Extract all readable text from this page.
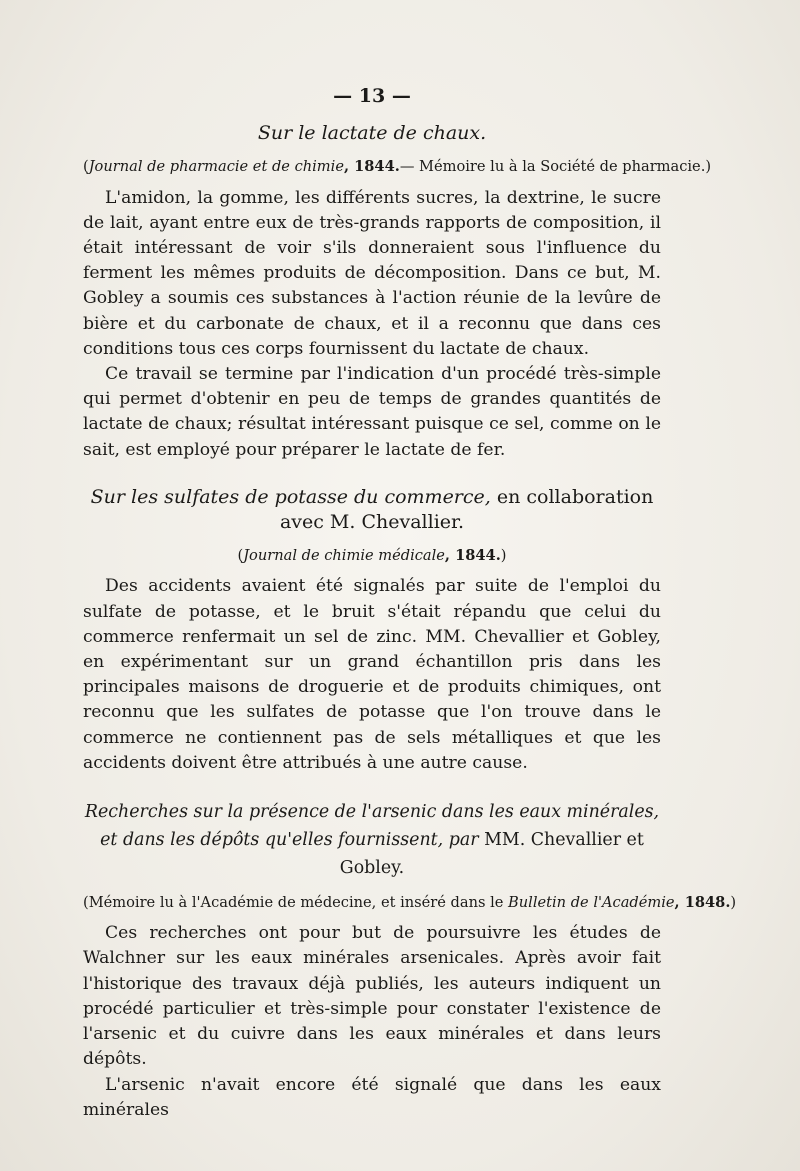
— 13 —
Sur le lactate de chaux.
(Journal de pharmacie et de chimie, 1844.— Mémoire lu à la Société de pharmacie.)

L'amidon, la gomme, les différents sucres, la dextrine, le sucre de lait, ayant entre eux de très-grands rapports de composition, il était intéressant de voir s'ils donneraient sous l'influence du ferment les mêmes produits de décomposition. Dans ce but, M. Gobley a soumis ces substances à l'action réunie de la levûre de bière et du carbonate de chaux, et il a reconnu que dans ces conditions tous ces corps fournissent du lactate de chaux.

Ce travail se termine par l'indication d'un procédé très-simple qui permet d'obtenir en peu de temps de grandes quantités de lactate de chaux; résultat intéressant puisque ce sel, comme on le sait, est employé pour préparer le lactate de fer.

Sur les sulfates de potasse du commerce, en collaboration avec M. Chevallier.
(Journal de chimie médicale, 1844.)

Des accidents avaient été signalés par suite de l'emploi du sulfate de potasse, et le bruit s'était répandu que celui du commerce renfermait un sel de zinc. MM. Chevallier et Gobley, en expérimentant sur un grand échantillon pris dans les principales maisons de droguerie et de produits chimiques, ont reconnu que les sulfates de potasse que l'on trouve dans le commerce ne contiennent pas de sels métalliques et que les accidents doivent être attribués à une autre cause.

Recherches sur la présence de l'arsenic dans les eaux minérales, et dans les dépôts qu'elles fournissent, par MM. Chevallier et Gobley.
(Mémoire lu à l'Académie de médecine, et inséré dans le Bulletin de l'Académie, 1848.)

Ces recherches ont pour but de poursuivre les études de Walchner sur les eaux minérales arsenicales. Après avoir fait l'historique des travaux déjà publiés, les auteurs indiquent un procédé particulier et très-simple pour constater l'existence de l'arsenic et du cuivre dans les eaux minérales et dans leurs dépôts.

L'arsenic n'avait encore été signalé que dans les eaux minérales
